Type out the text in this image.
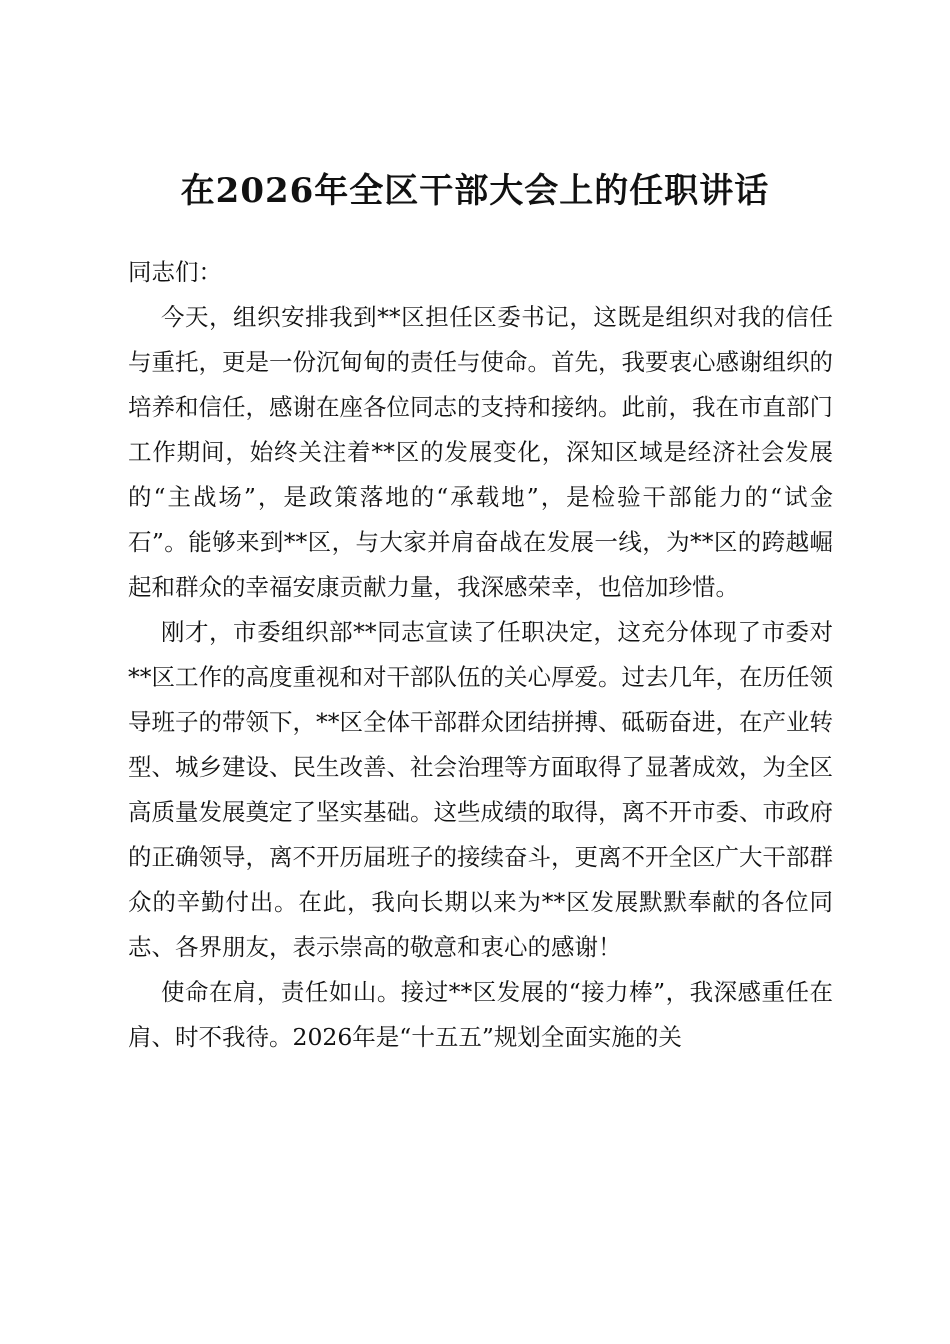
在2026年全区干部大会上的任职讲话

同志们：

今天，组织安排我到**区担任区委书记，这既是组织对我的信任与重托，更是一份沉甸甸的责任与使命。首先，我要衷心感谢组织的培养和信任，感谢在座各位同志的支持和接纳。此前，我在市直部门工作期间，始终关注着**区的发展变化，深知区域是经济社会发展的“主战场”，是政策落地的“承载地”，是检验干部能力的“试金石”。能够来到**区，与大家并肩奋战在发展一线，为**区的跨越崛起和群众的幸福安康贡献力量，我深感荣幸，也倍加珍惜。

刚才，市委组织部**同志宣读了任职决定，这充分体现了市委对**区工作的高度重视和对干部队伍的关心厚爱。过去几年，在历任领导班子的带领下，**区全体干部群众团结拼搏、砥砺奋进，在产业转型、城乡建设、民生改善、社会治理等方面取得了显著成效，为全区高质量发展奠定了坚实基础。这些成绩的取得，离不开市委、市政府的正确领导，离不开历届班子的接续奋斗，更离不开全区广大干部群众的辛勤付出。在此，我向长期以来为**区发展默默奉献的各位同志、各界朋友，表示崇高的敬意和衷心的感谢！

使命在肩，责任如山。接过**区发展的“接力棒”，我深感重任在肩、时不我待。2026年是“十五五”规划全面实施的关
